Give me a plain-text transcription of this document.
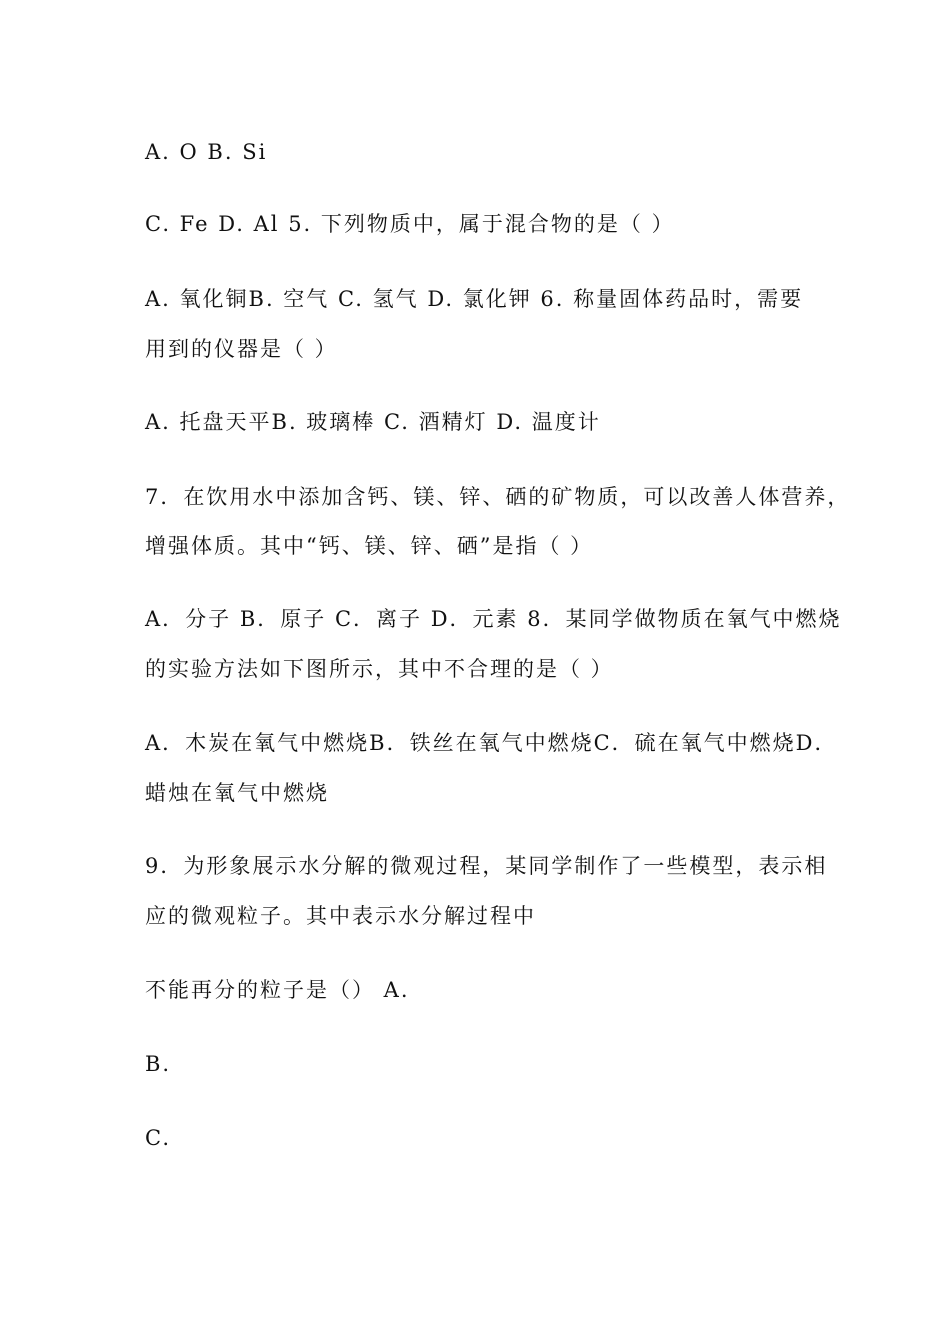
A. O B. Si
C. Fe D. Al 5. 下列物质中，属于混合物的是（ ）
A. 氧化铜B. 空气 C. 氢气 D. 氯化钾 6. 称量固体药品时，需要
用到的仪器是（ ）
A. 托盘天平B. 玻璃棒 C. 酒精灯 D. 温度计
7．在饮用水中添加含钙、镁、锌、硒的矿物质，可以改善人体营养，
增强体质。其中“钙、镁、锌、硒”是指（ ）
A．分子 B．原子 C．离子 D．元素 8．某同学做物质在氧气中燃烧
的实验方法如下图所示，其中不合理的是（ ）
A．木炭在氧气中燃烧B．铁丝在氧气中燃烧C．硫在氧气中燃烧D．
蜡烛在氧气中燃烧
9．为形象展示水分解的微观过程，某同学制作了一些模型，表示相
应的微观粒子。其中表示水分解过程中
不能再分的粒子是（） A.
B.
C.
